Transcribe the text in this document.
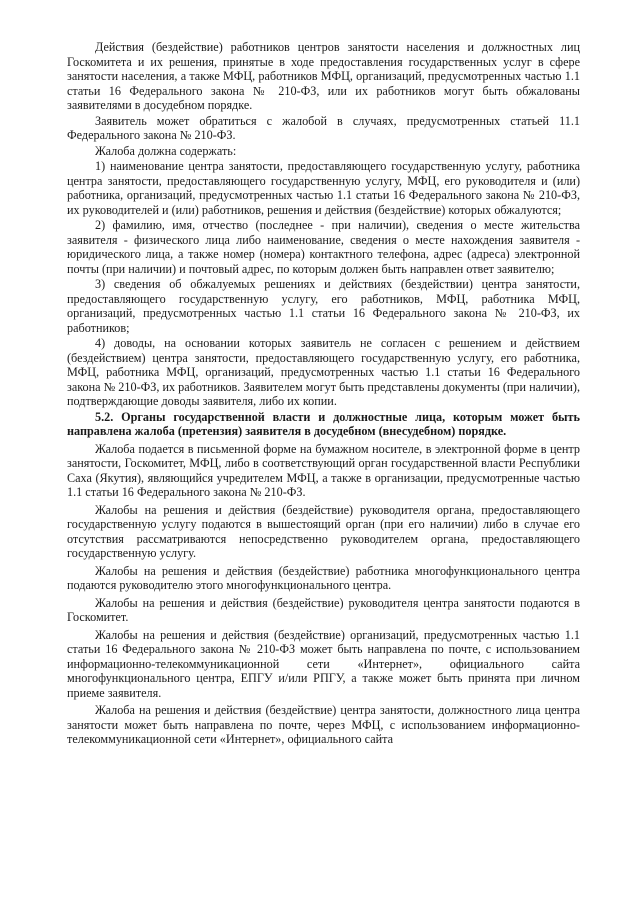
Действия (бездействие) работников центров занятости населения и должностных лиц Госкомитета и их решения, принятые в ходе предоставления государственных услуг в сфере занятости населения, а также МФЦ, работников МФЦ, организаций, предусмотренных частью 1.1 статьи 16 Федерального закона № 210-ФЗ, или их работников могут быть обжалованы заявителями в досудебном порядке.

Заявитель может обратиться с жалобой в случаях, предусмотренных статьей 11.1 Федерального закона № 210-ФЗ.

Жалоба должна содержать:

1) наименование центра занятости, предоставляющего государственную услугу, работника центра занятости, предоставляющего государственную услугу, МФЦ, его руководителя и (или) работника, организаций, предусмотренных частью 1.1 статьи 16 Федерального закона № 210-ФЗ, их руководителей и (или) работников, решения и действия (бездействие) которых обжалуются;

2) фамилию, имя, отчество (последнее - при наличии), сведения о месте жительства заявителя - физического лица либо наименование, сведения о месте нахождения заявителя - юридического лица, а также номер (номера) контактного телефона, адрес (адреса) электронной почты (при наличии) и почтовый адрес, по которым должен быть направлен ответ заявителю;

3) сведения об обжалуемых решениях и действиях (бездействии) центра занятости, предоставляющего государственную услугу, его работников, МФЦ, работника МФЦ, организаций, предусмотренных частью 1.1 статьи 16 Федерального закона № 210-ФЗ, их работников;

4) доводы, на основании которых заявитель не согласен с решением и действием (бездействием) центра занятости, предоставляющего государственную услугу, его работника, МФЦ, работника МФЦ, организаций, предусмотренных частью 1.1 статьи 16 Федерального закона № 210-ФЗ, их работников. Заявителем могут быть представлены документы (при наличии), подтверждающие доводы заявителя, либо их копии.

5.2. Органы государственной власти и должностные лица, которым может быть направлена жалоба (претензия) заявителя в досудебном (внесудебном) порядке.

Жалоба подается в письменной форме на бумажном носителе, в электронной форме в центр занятости, Госкомитет, МФЦ, либо в соответствующий орган государственной власти Республики Саха (Якутия), являющийся учредителем МФЦ, а также в организации, предусмотренные частью 1.1 статьи 16 Федерального закона № 210-ФЗ.

Жалобы на решения и действия (бездействие) руководителя органа, предоставляющего государственную услугу подаются в вышестоящий орган (при его наличии) либо в случае его отсутствия рассматриваются непосредственно руководителем органа, предоставляющего государственную услугу.

Жалобы на решения и действия (бездействие) работника многофункционального центра подаются руководителю этого многофункционального центра.

Жалобы на решения и действия (бездействие) руководителя центра занятости подаются в Госкомитет.

Жалобы на решения и действия (бездействие) организаций, предусмотренных частью 1.1 статьи 16 Федерального закона № 210-ФЗ может быть направлена по почте, с использованием информационно-телекоммуникационной сети «Интернет», официального сайта многофункционального центра, ЕПГУ и/или РПГУ, а также может быть принята при личном приеме заявителя.

Жалоба на решения и действия (бездействие) центра занятости, должностного лица центра занятости может быть направлена по почте, через МФЦ, с использованием информационно-телекоммуникационной сети «Интернет», официального сайта
